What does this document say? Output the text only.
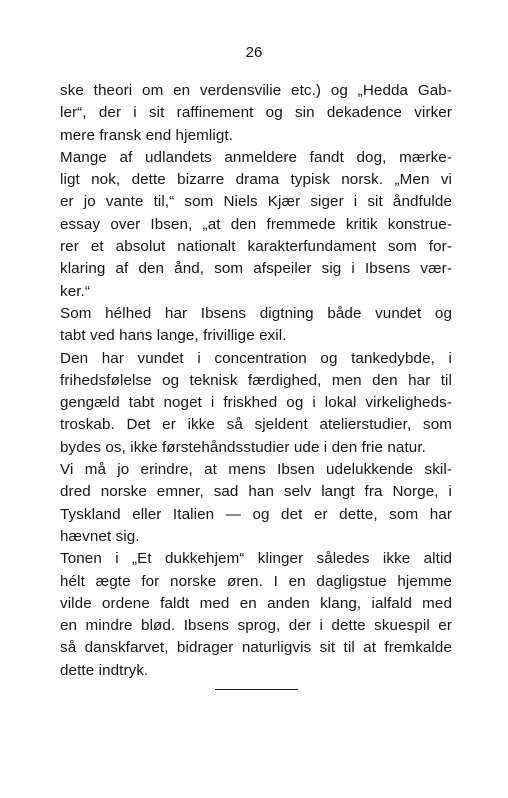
26
ske theori om en verdensvilie etc.) og „Hedda Gab-
ler“, der i sit raffinement og sin dekadence virker
mere fransk end hjemligt.
Mange af udlandets anmeldere fandt dog, mærke-
ligt nok, dette bizarre drama typisk norsk. „Men vi
er jo vante til,“ som Niels Kjær siger i sit åndfulde
essay over Ibsen, „at den fremmede kritik konstrue-
rer et absolut nationalt karakterfundament som for-
klaring af den ånd, som afspeiler sig i Ibsens vær-
ker.“
Som hélhed har Ibsens digtning både vundet og
tabt ved hans lange, frivillige exil.
Den har vundet i concentration og tankedybde, i
frihedsfølelse og teknisk færdighed, men den har til
gengæld tabt noget i friskhed og i lokal virkeligheds-
troskab. Det er ikke så sjeldent atelierstudier, som
bydes os, ikke førstehåndsstudier ude i den frie natur.
Vi må jo erindre, at mens Ibsen udelukkende skil-
dred norske emner, sad han selv langt fra Norge, i
Tyskland eller Italien — og det er dette, som har
hævnet sig.
Tonen i „Et dukkehjem“ klinger således ikke altid
hélt ægte for norske øren. I en dagligstue hjemme
vilde ordene faldt med en anden klang, ialfald med
en mindre blød. Ibsens sprog, der i dette skuespil er
så danskfarvet, bidrager naturligvis sit til at fremkalde
dette indtryk.
